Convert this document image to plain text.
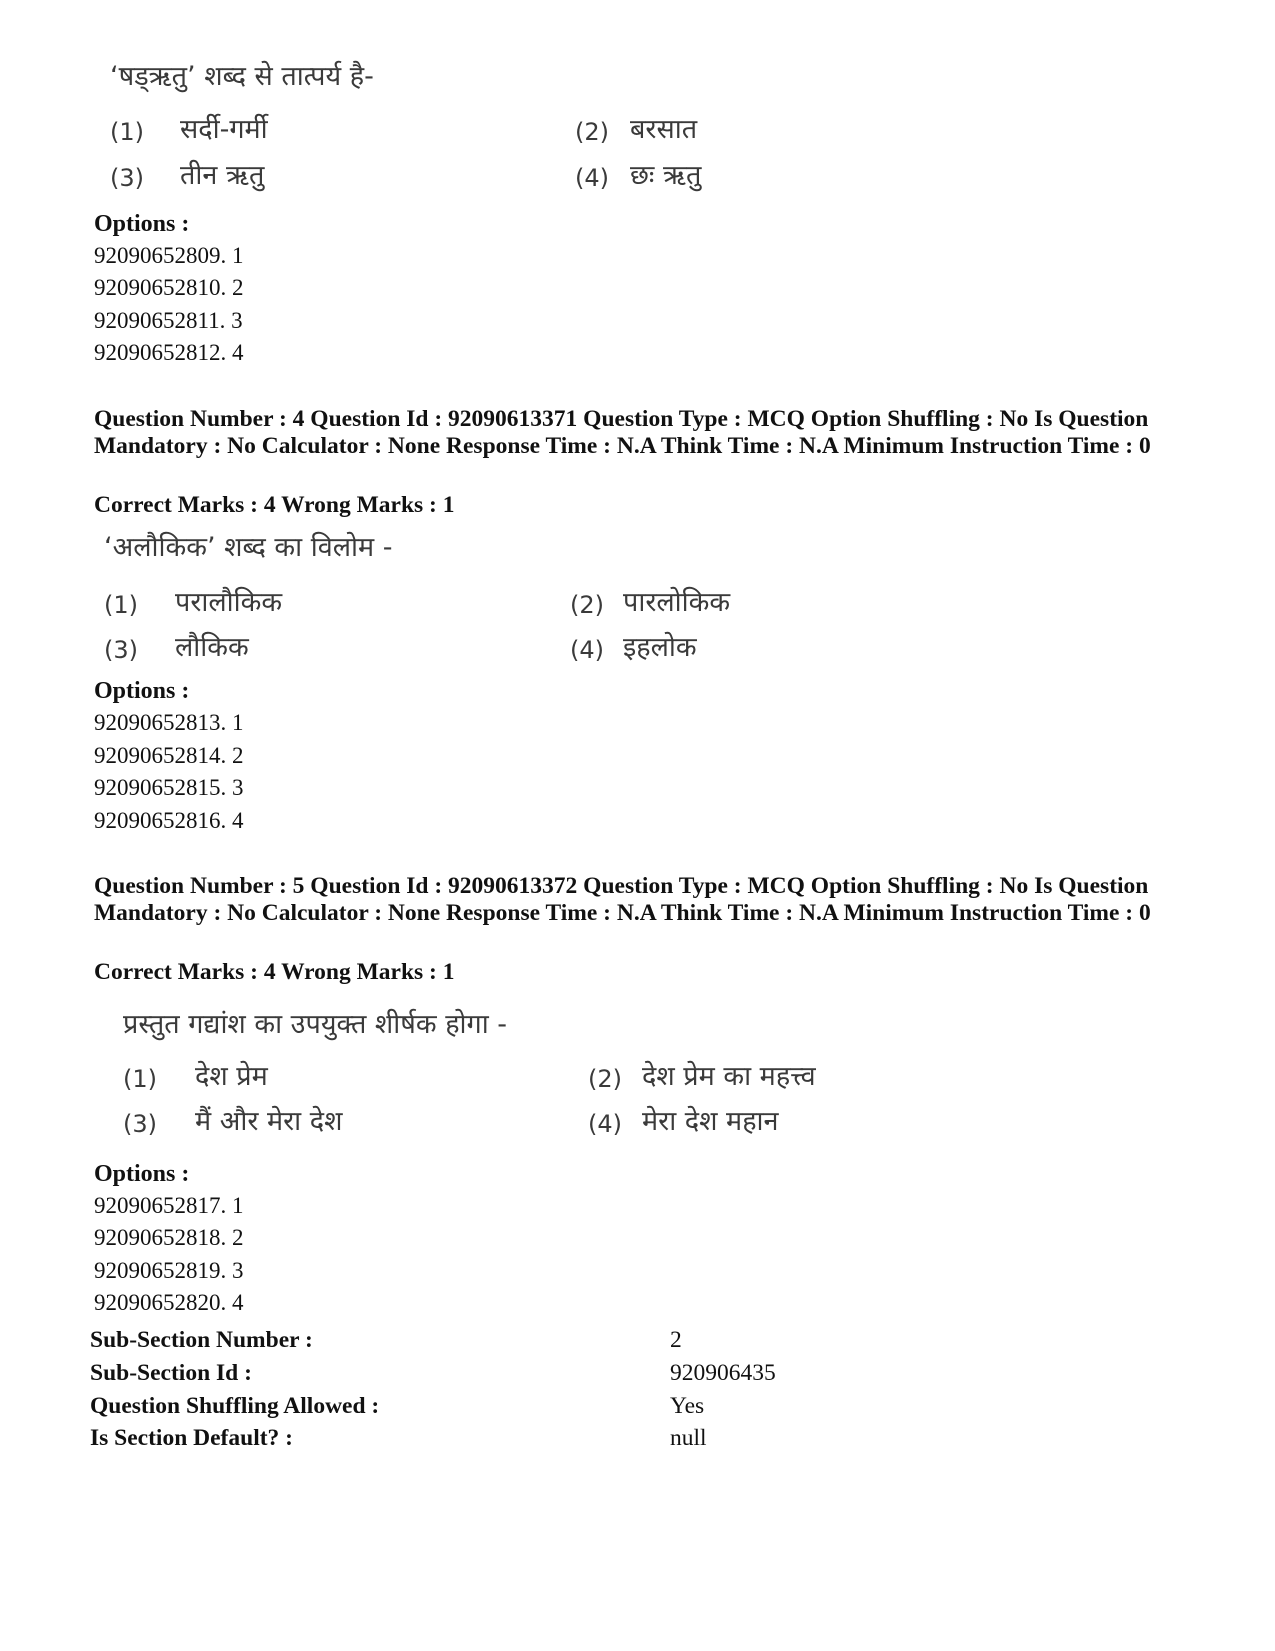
‘षड्ऋतु’ शब्द से तात्पर्य है-
(1) सर्दी-गर्मी	(2) बरसात
(3) तीन ऋतु	(4) छः ऋतु
Options :
92090652809. 1
92090652810. 2
92090652811. 3
92090652812. 4
Question Number : 4 Question Id : 92090613371 Question Type : MCQ Option Shuffling : No Is Question Mandatory : No Calculator : None Response Time : N.A Think Time : N.A Minimum Instruction Time : 0
Correct Marks : 4 Wrong Marks : 1
‘अलौकिक’ शब्द का विलोम -
(1) परालौकिक	(2) पारलोकिक
(3) लौकिक	(4) इहलोक
Options :
92090652813. 1
92090652814. 2
92090652815. 3
92090652816. 4
Question Number : 5 Question Id : 92090613372 Question Type : MCQ Option Shuffling : No Is Question Mandatory : No Calculator : None Response Time : N.A Think Time : N.A Minimum Instruction Time : 0
Correct Marks : 4 Wrong Marks : 1
प्रस्तुत गद्यांश का उपयुक्त शीर्षक होगा -
(1) देश प्रेम	(2) देश प्रेम का महत्त्व
(3) मैं और मेरा देश	(4) मेरा देश महान
Options :
92090652817. 1
92090652818. 2
92090652819. 3
92090652820. 4
Sub-Section Number :	2
Sub-Section Id :	920906435
Question Shuffling Allowed :	Yes
Is Section Default? :	null
